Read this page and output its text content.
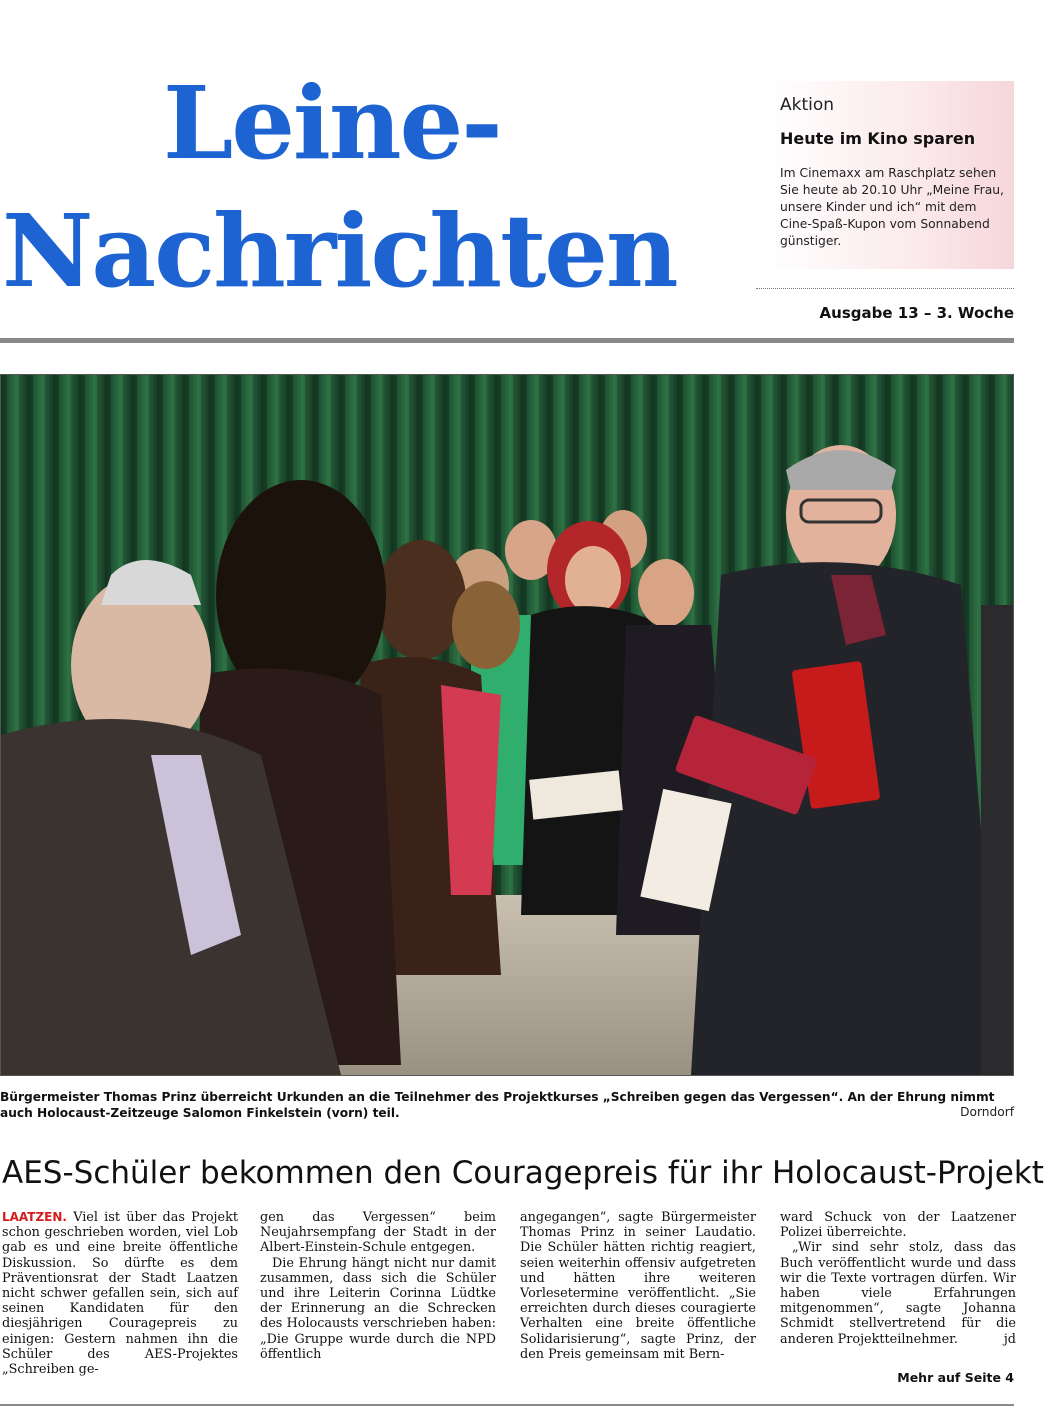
Leine-
Nachrichten
Aktion
Heute im Kino sparen
Im Cinemaxx am Raschplatz sehen Sie heute ab 20.10 Uhr „Meine Frau, unsere Kinder und ich“ mit dem Cine-Spaß-Kupon vom Sonnabend günstiger.
Ausgabe 13 – 3. Woche
Bürgermeister Thomas Prinz überreicht Urkunden an die Teilnehmer des Projektkurses „Schreiben gegen das Vergessen“. An der Ehrung nimmt auch Holocaust-Zeitzeuge Salomon Finkelstein (vorn) teil.	Dorndorf
AES-Schüler bekommen den Couragepreis für ihr Holocaust-Projekt

LAATZEN. Viel ist über das Projekt schon geschrieben worden, viel Lob gab es und eine breite öffentliche Diskussion. So dürfte es dem Präventionsrat der Stadt Laatzen nicht schwer gefallen sein, sich auf seinen Kandidaten für den diesjährigen Couragepreis zu einigen: Gestern nahmen ihn die Schüler des AES-Projektes „Schreiben ge-

gen das Vergessen“ beim Neujahrsempfang der Stadt in der Albert-Einstein-Schule entgegen.

Die Ehrung hängt nicht nur damit zusammen, dass sich die Schüler und ihre Leiterin Corinna Lüdtke der Erinnerung an die Schrecken des Holocausts verschrieben haben: „Die Gruppe wurde durch die NPD öffentlich

angegangen“, sagte Bürgermeister Thomas Prinz in seiner Laudatio. Die Schüler hätten richtig reagiert, seien weiterhin offensiv aufgetreten und hätten ihre weiteren Vorlesetermine veröffentlicht. „Sie erreichten durch dieses couragierte Verhalten eine breite öffentliche Solidarisierung“, sagte Prinz, der den Preis gemeinsam mit Bern-

ward Schuck von der Laatzener Polizei überreichte.

„Wir sind sehr stolz, dass das Buch veröffentlicht wurde und dass wir die Texte vortragen dürfen. Wir haben viele Erfahrungen mitgenommen“, sagte Johanna Schmidt stellvertretend für die anderen Projektteilnehmer.	jd

Mehr auf Seite 4
